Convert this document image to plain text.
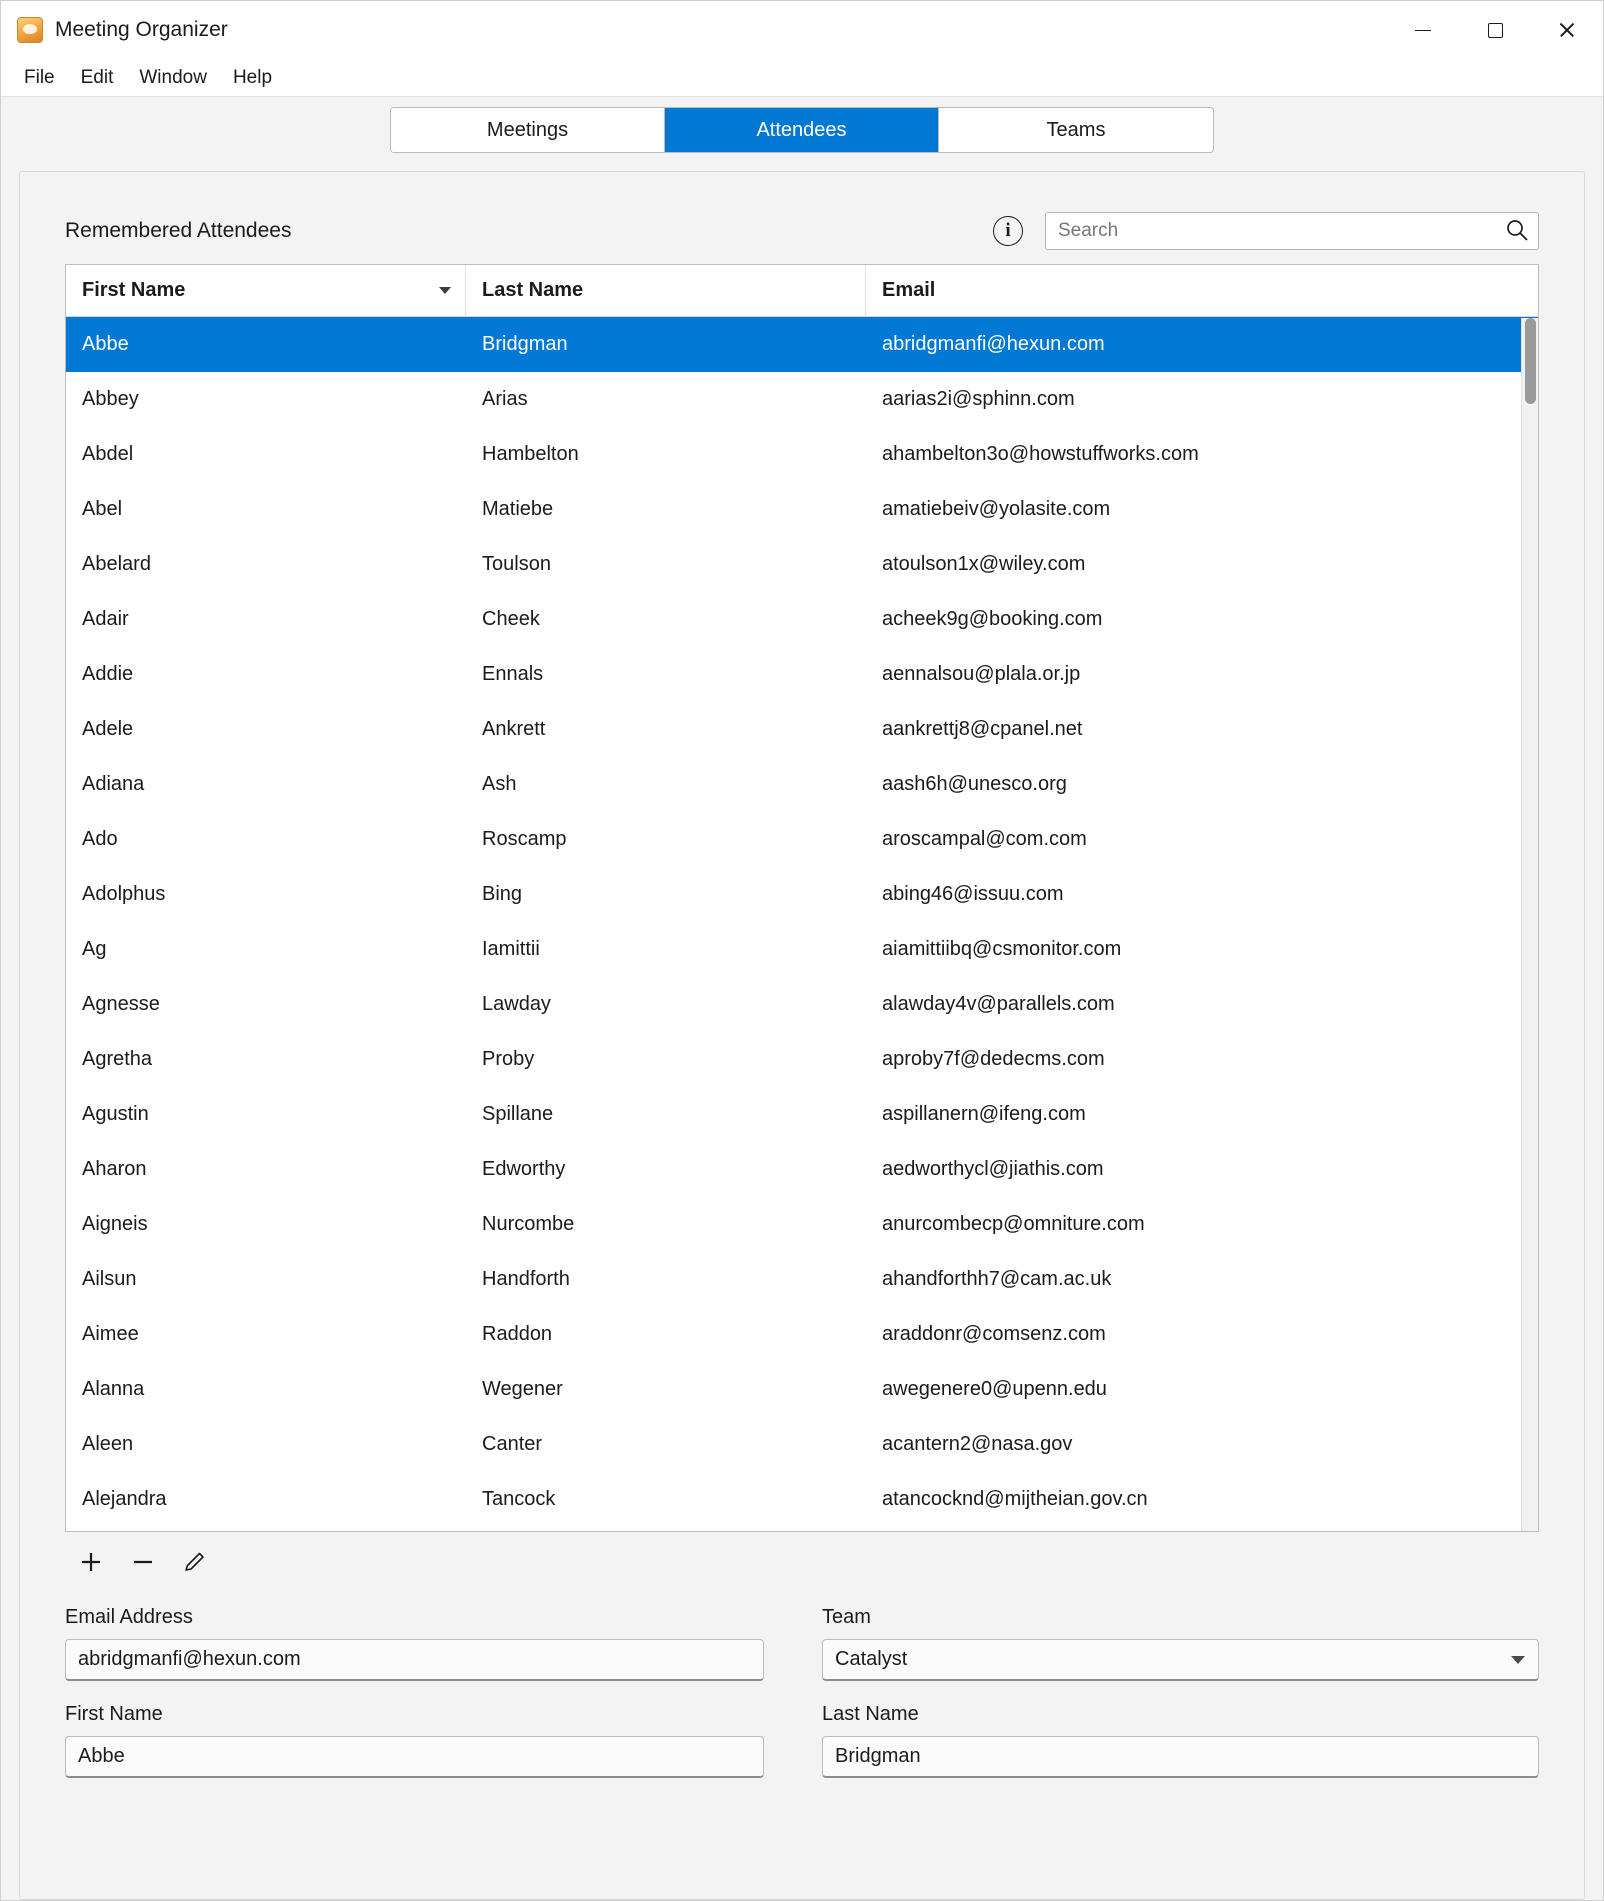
Meeting Organizer
File	Edit	Window	Help
Meetings	Attendees	Teams
Remembered Attendees	i
Search
First Name	Last Name	Email
Abbe	Bridgman	abridgmanfi@hexun.com
Abbey	Arias	aarias2i@sphinn.com
Abdel	Hambelton	ahambelton3o@howstuffworks.com
Abel	Matiebe	amatiebeiv@yolasite.com
Abelard	Toulson	atoulson1x@wiley.com
Adair	Cheek	acheek9g@booking.com
Addie	Ennals	aennalsou@plala.or.jp
Adele	Ankrett	aankrettj8@cpanel.net
Adiana	Ash	aash6h@unesco.org
Ado	Roscamp	aroscampal@com.com
Adolphus	Bing	abing46@issuu.com
Ag	Iamittii	aiamittiibq@csmonitor.com
Agnesse	Lawday	alawday4v@parallels.com
Agretha	Proby	aproby7f@dedecms.com
Agustin	Spillane	aspillanern@ifeng.com
Aharon	Edworthy	aedworthycl@jiathis.com
Aigneis	Nurcombe	anurcombecp@omniture.com
Ailsun	Handforth	ahandforthh7@cam.ac.uk
Aimee	Raddon	araddonr@comsenz.com
Alanna	Wegener	awegenere0@upenn.edu
Aleen	Canter	acantern2@nasa.gov
Alejandra	Tancock	atancocknd@mijtheian.gov.cn
Email Address
abridgmanfi@hexun.com	Team
Catalyst
First Name
Abbe	Last Name
Bridgman
